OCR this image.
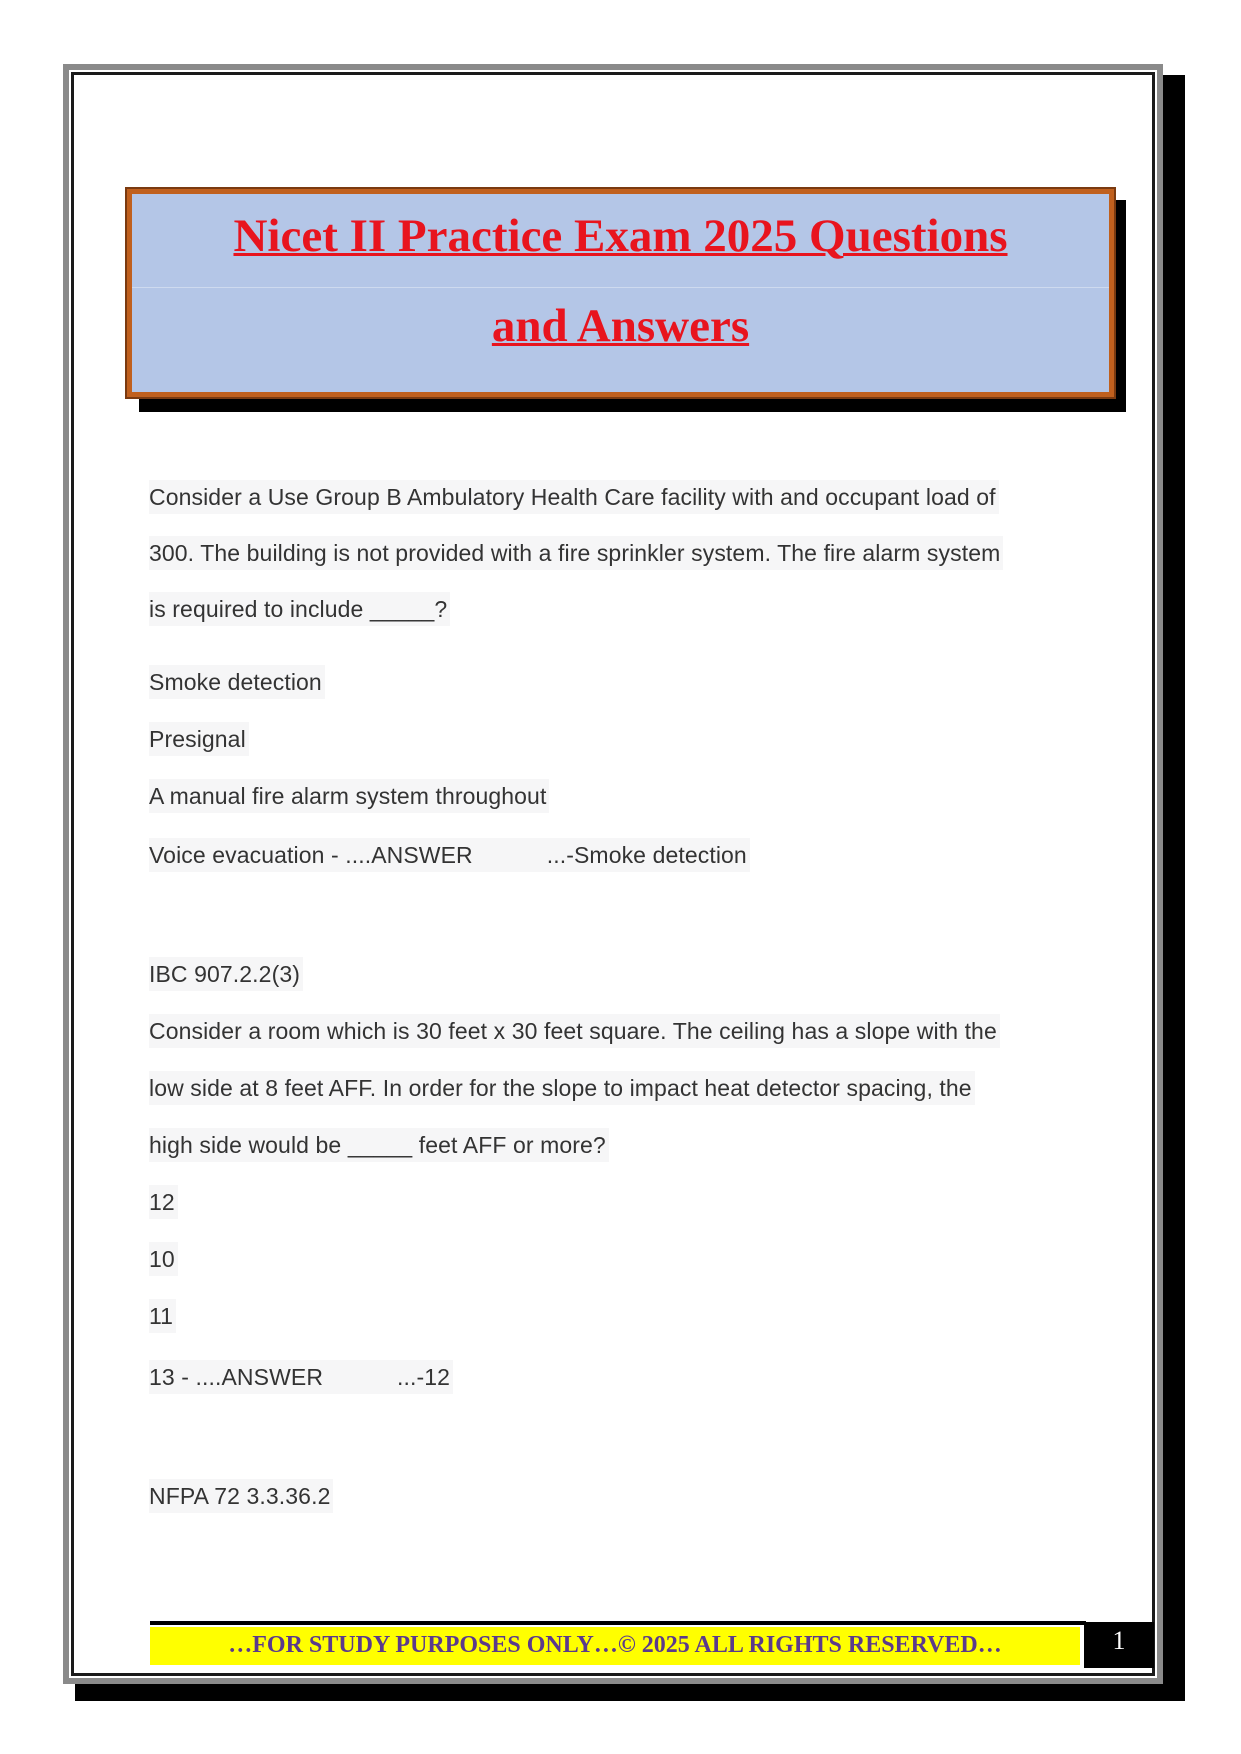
Nicet II Practice Exam 2025 Questions
and Answers
Consider a Use Group B Ambulatory Health Care facility with and occupant load of
300. The building is not provided with a fire sprinkler system. The fire alarm system
is required to include _____?
Smoke detection
Presignal
A manual fire alarm system throughout
Voice evacuation - ....ANSWER	...-Smoke detection
IBC 907.2.2(3)
Consider a room which is 30 feet x 30 feet square. The ceiling has a slope with the
low side at 8 feet AFF. In order for the slope to impact heat detector spacing, the
high side would be _____ feet AFF or more?
12
10
11
13 - ....ANSWER	...-12
NFPA 72 3.3.36.2
…FOR STUDY PURPOSES ONLY…© 2025 ALL RIGHTS RESERVED…	1
